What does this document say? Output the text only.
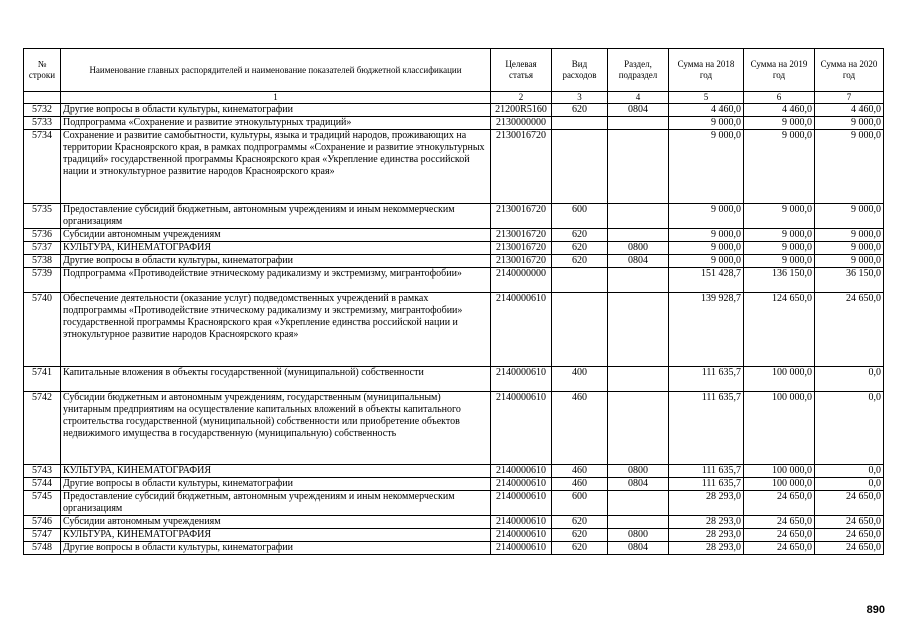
№ строки	Наименование главных распорядителей и наименование показателей бюджетной классификации	Целевая статья	Вид расходов	Раздел, подраздел	Сумма на 2018 год	Сумма на 2019 год	Сумма на 2020 год
	1	2	3	4	5	6	7
5732	Другие вопросы в области культуры, кинематографии	21200R5160	620	0804	4 460,0	4 460,0	4 460,0
5733	Подпрограмма «Сохранение и развитие этнокультурных традиций»	2130000000			9 000,0	9 000,0	9 000,0
5734	Сохранение и развитие самобытности, культуры, языка и традиций народов, проживающих на территории Красноярского края, в рамках подпрограммы «Сохранение и развитие этнокультурных традиций» государственной программы Красноярского края «Укрепление единства российской нации и этнокультурное развитие народов Красноярского края»	2130016720			9 000,0	9 000,0	9 000,0
5735	Предоставление субсидий бюджетным, автономным учреждениям и иным некоммерческим организациям	2130016720	600		9 000,0	9 000,0	9 000,0
5736	Субсидии автономным учреждениям	2130016720	620		9 000,0	9 000,0	9 000,0
5737	КУЛЬТУРА, КИНЕМАТОГРАФИЯ	2130016720	620	0800	9 000,0	9 000,0	9 000,0
5738	Другие вопросы в области культуры, кинематографии	2130016720	620	0804	9 000,0	9 000,0	9 000,0
5739	Подпрограмма «Противодействие этническому радикализму и экстремизму, мигрантофобии»	2140000000			151 428,7	136 150,0	36 150,0
5740	Обеспечение деятельности (оказание услуг) подведомственных учреждений в рамках подпрограммы «Противодействие этническому радикализму и экстремизму, мигрантофобии» государственной программы Красноярского края «Укрепление единства российской нации и этнокультурное развитие народов Красноярского края»	2140000610			139 928,7	124 650,0	24 650,0
5741	Капитальные вложения в объекты государственной (муниципальной) собственности	2140000610	400		111 635,7	100 000,0	0,0
5742	Субсидии бюджетным и автономным учреждениям, государственным (муниципальным) унитарным предприятиям на осуществление капитальных вложений в объекты капитального строительства государственной (муниципальной) собственности или приобретение объектов недвижимого имущества в государственную (муниципальную) собственность	2140000610	460		111 635,7	100 000,0	0,0
5743	КУЛЬТУРА, КИНЕМАТОГРАФИЯ	2140000610	460	0800	111 635,7	100 000,0	0,0
5744	Другие вопросы в области культуры, кинематографии	2140000610	460	0804	111 635,7	100 000,0	0,0
5745	Предоставление субсидий бюджетным, автономным учреждениям и иным некоммерческим организациям	2140000610	600		28 293,0	24 650,0	24 650,0
5746	Субсидии автономным учреждениям	2140000610	620		28 293,0	24 650,0	24 650,0
5747	КУЛЬТУРА, КИНЕМАТОГРАФИЯ	2140000610	620	0800	28 293,0	24 650,0	24 650,0
5748	Другие вопросы в области культуры, кинематографии	2140000610	620	0804	28 293,0	24 650,0	24 650,0
890
